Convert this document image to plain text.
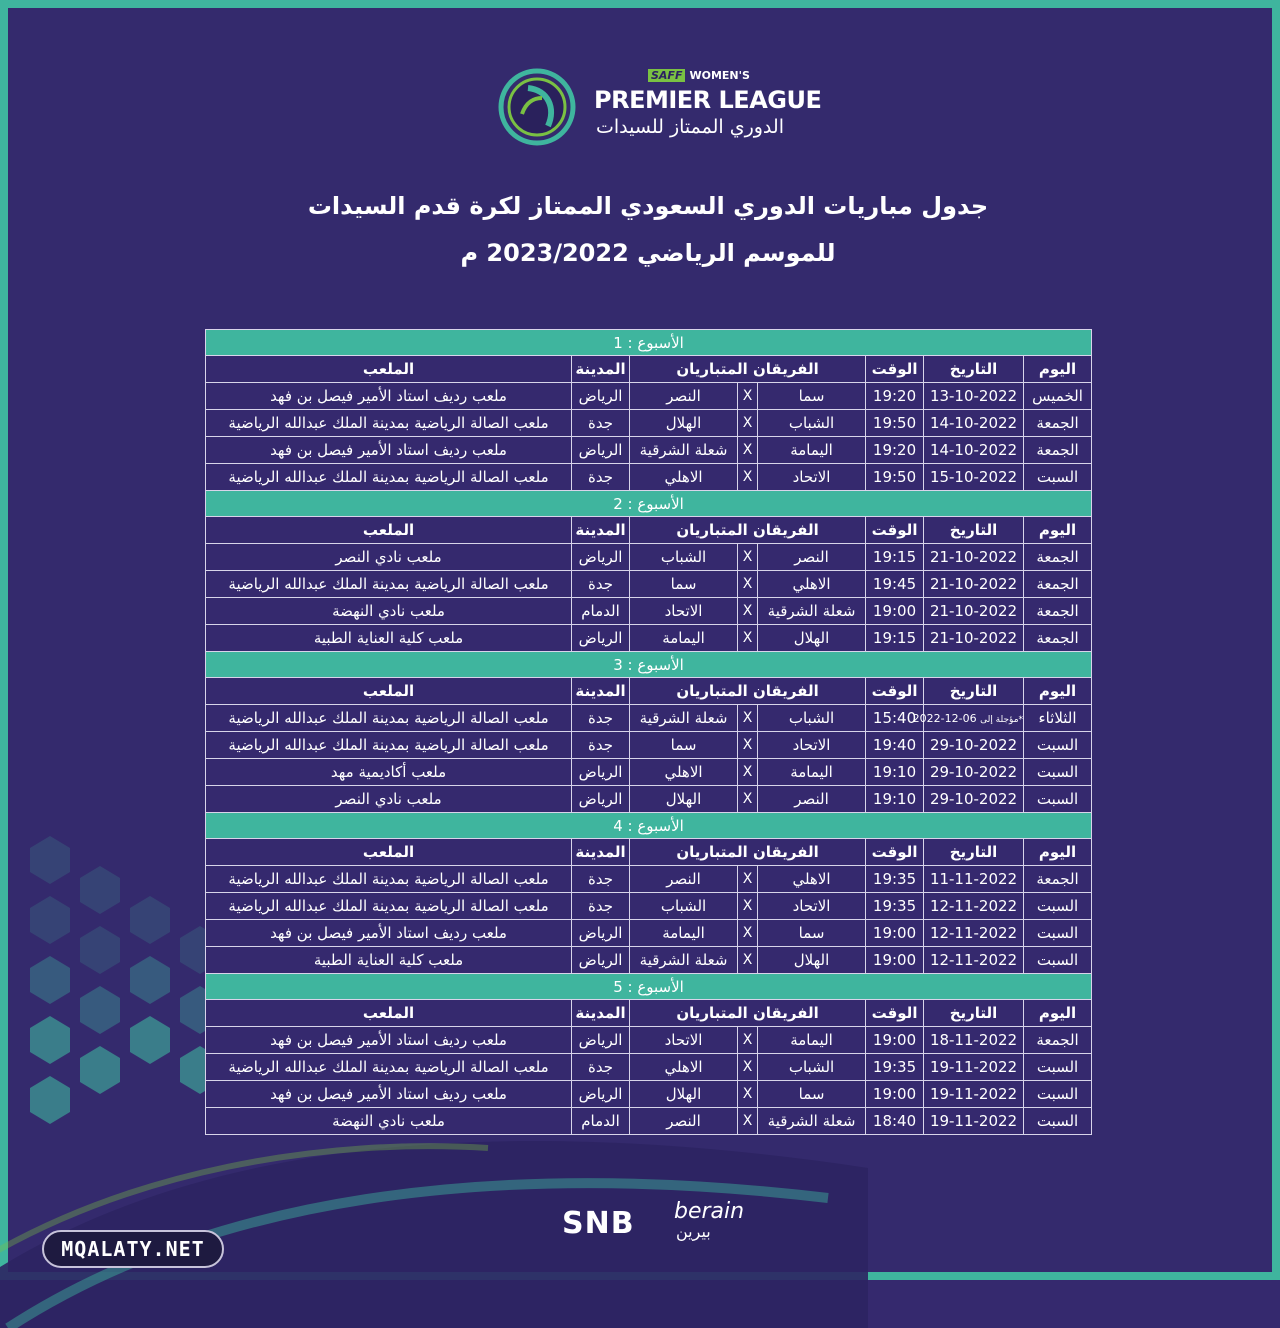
SAFF WOMEN'S
PREMIER LEAGUE
الدوري الممتاز للسيدات
جدول مباريات الدوري السعودي الممتاز لكرة قدم السيدات
للموسم الرياضي 2023/2022 م
الأسبوع : 1							
اليوم	التاريخ	الوقت	الفريقان المتباريان			المدينة	الملعب
الخميس	13-10-2022	19:20	سما	X	النصر	الرياض	ملعب رديف استاد الأمير فيصل بن فهد
الجمعة	14-10-2022	19:50	الشباب	X	الهلال	جدة	ملعب الصالة الرياضية بمدينة الملك عبدالله الرياضية
الجمعة	14-10-2022	19:20	اليمامة	X	شعلة الشرقية	الرياض	ملعب رديف استاد الأمير فيصل بن فهد
السبت	15-10-2022	19:50	الاتحاد	X	الاهلي	جدة	ملعب الصالة الرياضية بمدينة الملك عبدالله الرياضية
الأسبوع : 2							
اليوم	التاريخ	الوقت	الفريقان المتباريان			المدينة	الملعب
الجمعة	21-10-2022	19:15	النصر	X	الشباب	الرياض	ملعب نادي النصر
الجمعة	21-10-2022	19:45	الاهلي	X	سما	جدة	ملعب الصالة الرياضية بمدينة الملك عبدالله الرياضية
الجمعة	21-10-2022	19:00	شعلة الشرقية	X	الاتحاد	الدمام	ملعب نادي النهضة
الجمعة	21-10-2022	19:15	الهلال	X	اليمامة	الرياض	ملعب كلية العناية الطبية
الأسبوع : 3							
اليوم	التاريخ	الوقت	الفريقان المتباريان			المدينة	الملعب
الثلاثاء	*مؤجلة إلى 06-12-2022	15:40	الشباب	X	شعلة الشرقية	جدة	ملعب الصالة الرياضية بمدينة الملك عبدالله الرياضية
السبت	29-10-2022	19:40	الاتحاد	X	سما	جدة	ملعب الصالة الرياضية بمدينة الملك عبدالله الرياضية
السبت	29-10-2022	19:10	اليمامة	X	الاهلي	الرياض	ملعب أكاديمية مهد
السبت	29-10-2022	19:10	النصر	X	الهلال	الرياض	ملعب نادي النصر
الأسبوع : 4							
اليوم	التاريخ	الوقت	الفريقان المتباريان			المدينة	الملعب
الجمعة	11-11-2022	19:35	الاهلي	X	النصر	جدة	ملعب الصالة الرياضية بمدينة الملك عبدالله الرياضية
السبت	12-11-2022	19:35	الاتحاد	X	الشباب	جدة	ملعب الصالة الرياضية بمدينة الملك عبدالله الرياضية
السبت	12-11-2022	19:00	سما	X	اليمامة	الرياض	ملعب رديف استاد الأمير فيصل بن فهد
السبت	12-11-2022	19:00	الهلال	X	شعلة الشرقية	الرياض	ملعب كلية العناية الطبية
الأسبوع : 5							
اليوم	التاريخ	الوقت	الفريقان المتباريان			المدينة	الملعب
الجمعة	18-11-2022	19:00	اليمامة	X	الاتحاد	الرياض	ملعب رديف استاد الأمير فيصل بن فهد
السبت	19-11-2022	19:35	الشباب	X	الاهلي	جدة	ملعب الصالة الرياضية بمدينة الملك عبدالله الرياضية
السبت	19-11-2022	19:00	سما	X	الهلال	الرياض	ملعب رديف استاد الأمير فيصل بن فهد
السبت	19-11-2022	18:40	شعلة الشرقية	X	النصر	الدمام	ملعب نادي النهضة
SNB berain
بيرين
MQALATY.NET
